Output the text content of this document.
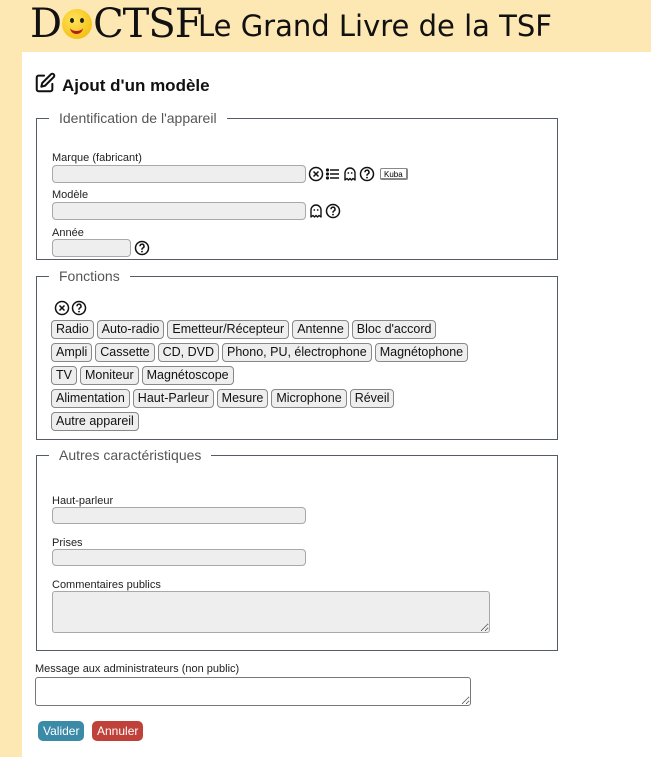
D CTSF
Le Grand Livre de la TSF
Ajout d'un modèle
Identification de l'appareil
Marque (fabricant)
Kuba
Modèle
Année
Fonctions
Radio	Auto-radio	Emetteur/Récepteur	Antenne	Bloc d'accord
Ampli	Cassette	CD, DVD	Phono, PU, électrophone	Magnétophone
TV	Moniteur	Magnétoscope
Alimentation	Haut-Parleur	Mesure	Microphone	Réveil
Autre appareil
Autres caractéristiques
Haut-parleur
Prises
Commentaires publics
Message aux administrateurs (non public)
Valider	Annuler
